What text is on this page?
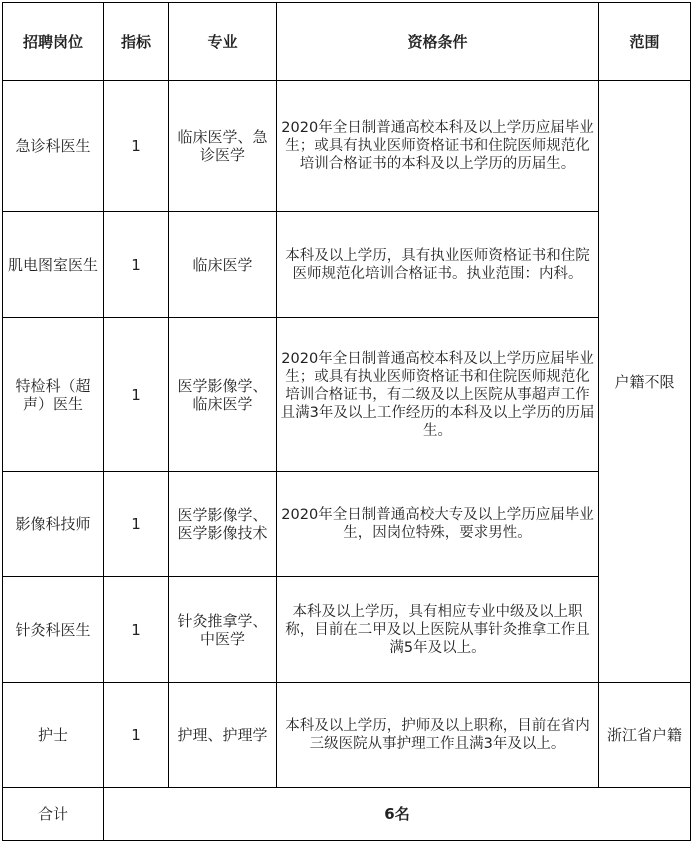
招聘岗位	指标	专业	资格条件	范围
急诊科医生	1	临床医学、急诊医学	2020年全日制普通高校本科及以上学历应届毕业生；或具有执业医师资格证书和住院医师规范化培训合格证书的本科及以上学历的历届生。	户籍不限
肌电图室医生	1	临床医学	本科及以上学历，具有执业医师资格证书和住院医师规范化培训合格证书。执业范围：内科。	
特检科（超声）医生	1	医学影像学、临床医学	2020年全日制普通高校本科及以上学历应届毕业生；或具有执业医师资格证书和住院医师规范化培训合格证书，有二级及以上医院从事超声工作且满3年及以上工作经历的本科及以上学历的历届生。	
影像科技师	1	医学影像学、医学影像技术	2020年全日制普通高校大专及以上学历应届毕业生，因岗位特殊，要求男性。	
针灸科医生	1	针灸推拿学、中医学	本科及以上学历，具有相应专业中级及以上职称，目前在二甲及以上医院从事针灸推拿工作且满5年及以上。	
护士	1	护理、护理学	本科及以上学历，护师及以上职称，目前在省内三级医院从事护理工作且满3年及以上。	浙江省户籍
合计	6名			
